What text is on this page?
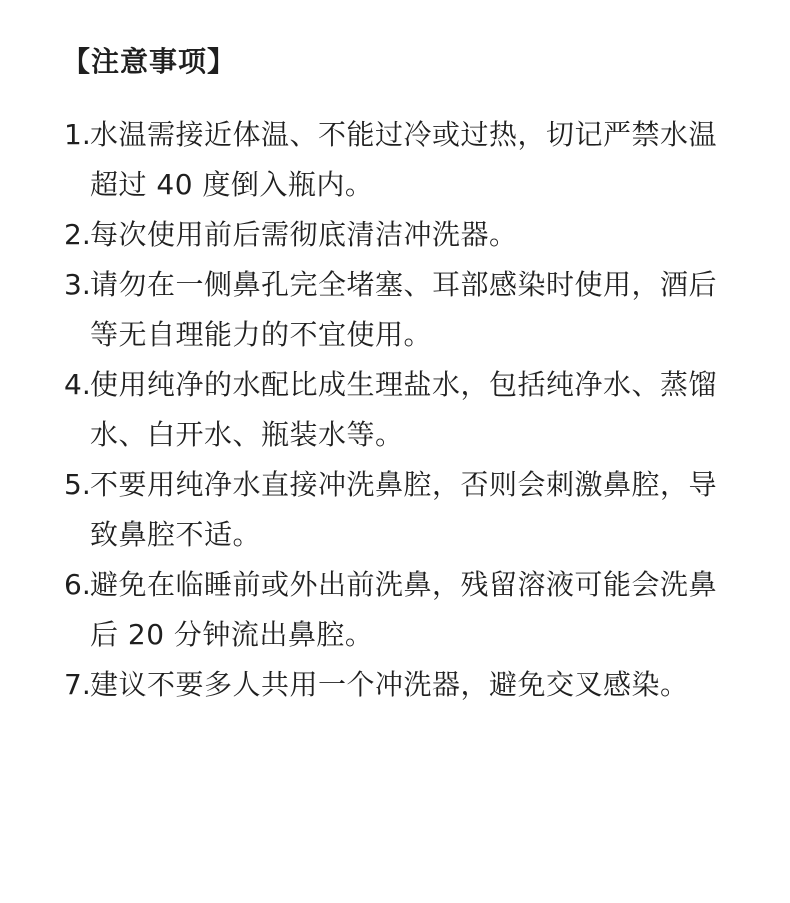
【注意事项】
1. 水温需接近体温、不能过冷或过热，切记严禁水温超过 40 度倒入瓶内。
2. 每次使用前后需彻底清洁冲洗器。
3. 请勿在一侧鼻孔完全堵塞、耳部感染时使用，酒后等无自理能力的不宜使用。
4. 使用纯净的水配比成生理盐水，包括纯净水、蒸馏水、白开水、瓶装水等。
5. 不要用纯净水直接冲洗鼻腔，否则会刺激鼻腔，导致鼻腔不适。
6. 避免在临睡前或外出前洗鼻，残留溶液可能会洗鼻后 20 分钟流出鼻腔。
7. 建议不要多人共用一个冲洗器，避免交叉感染。
